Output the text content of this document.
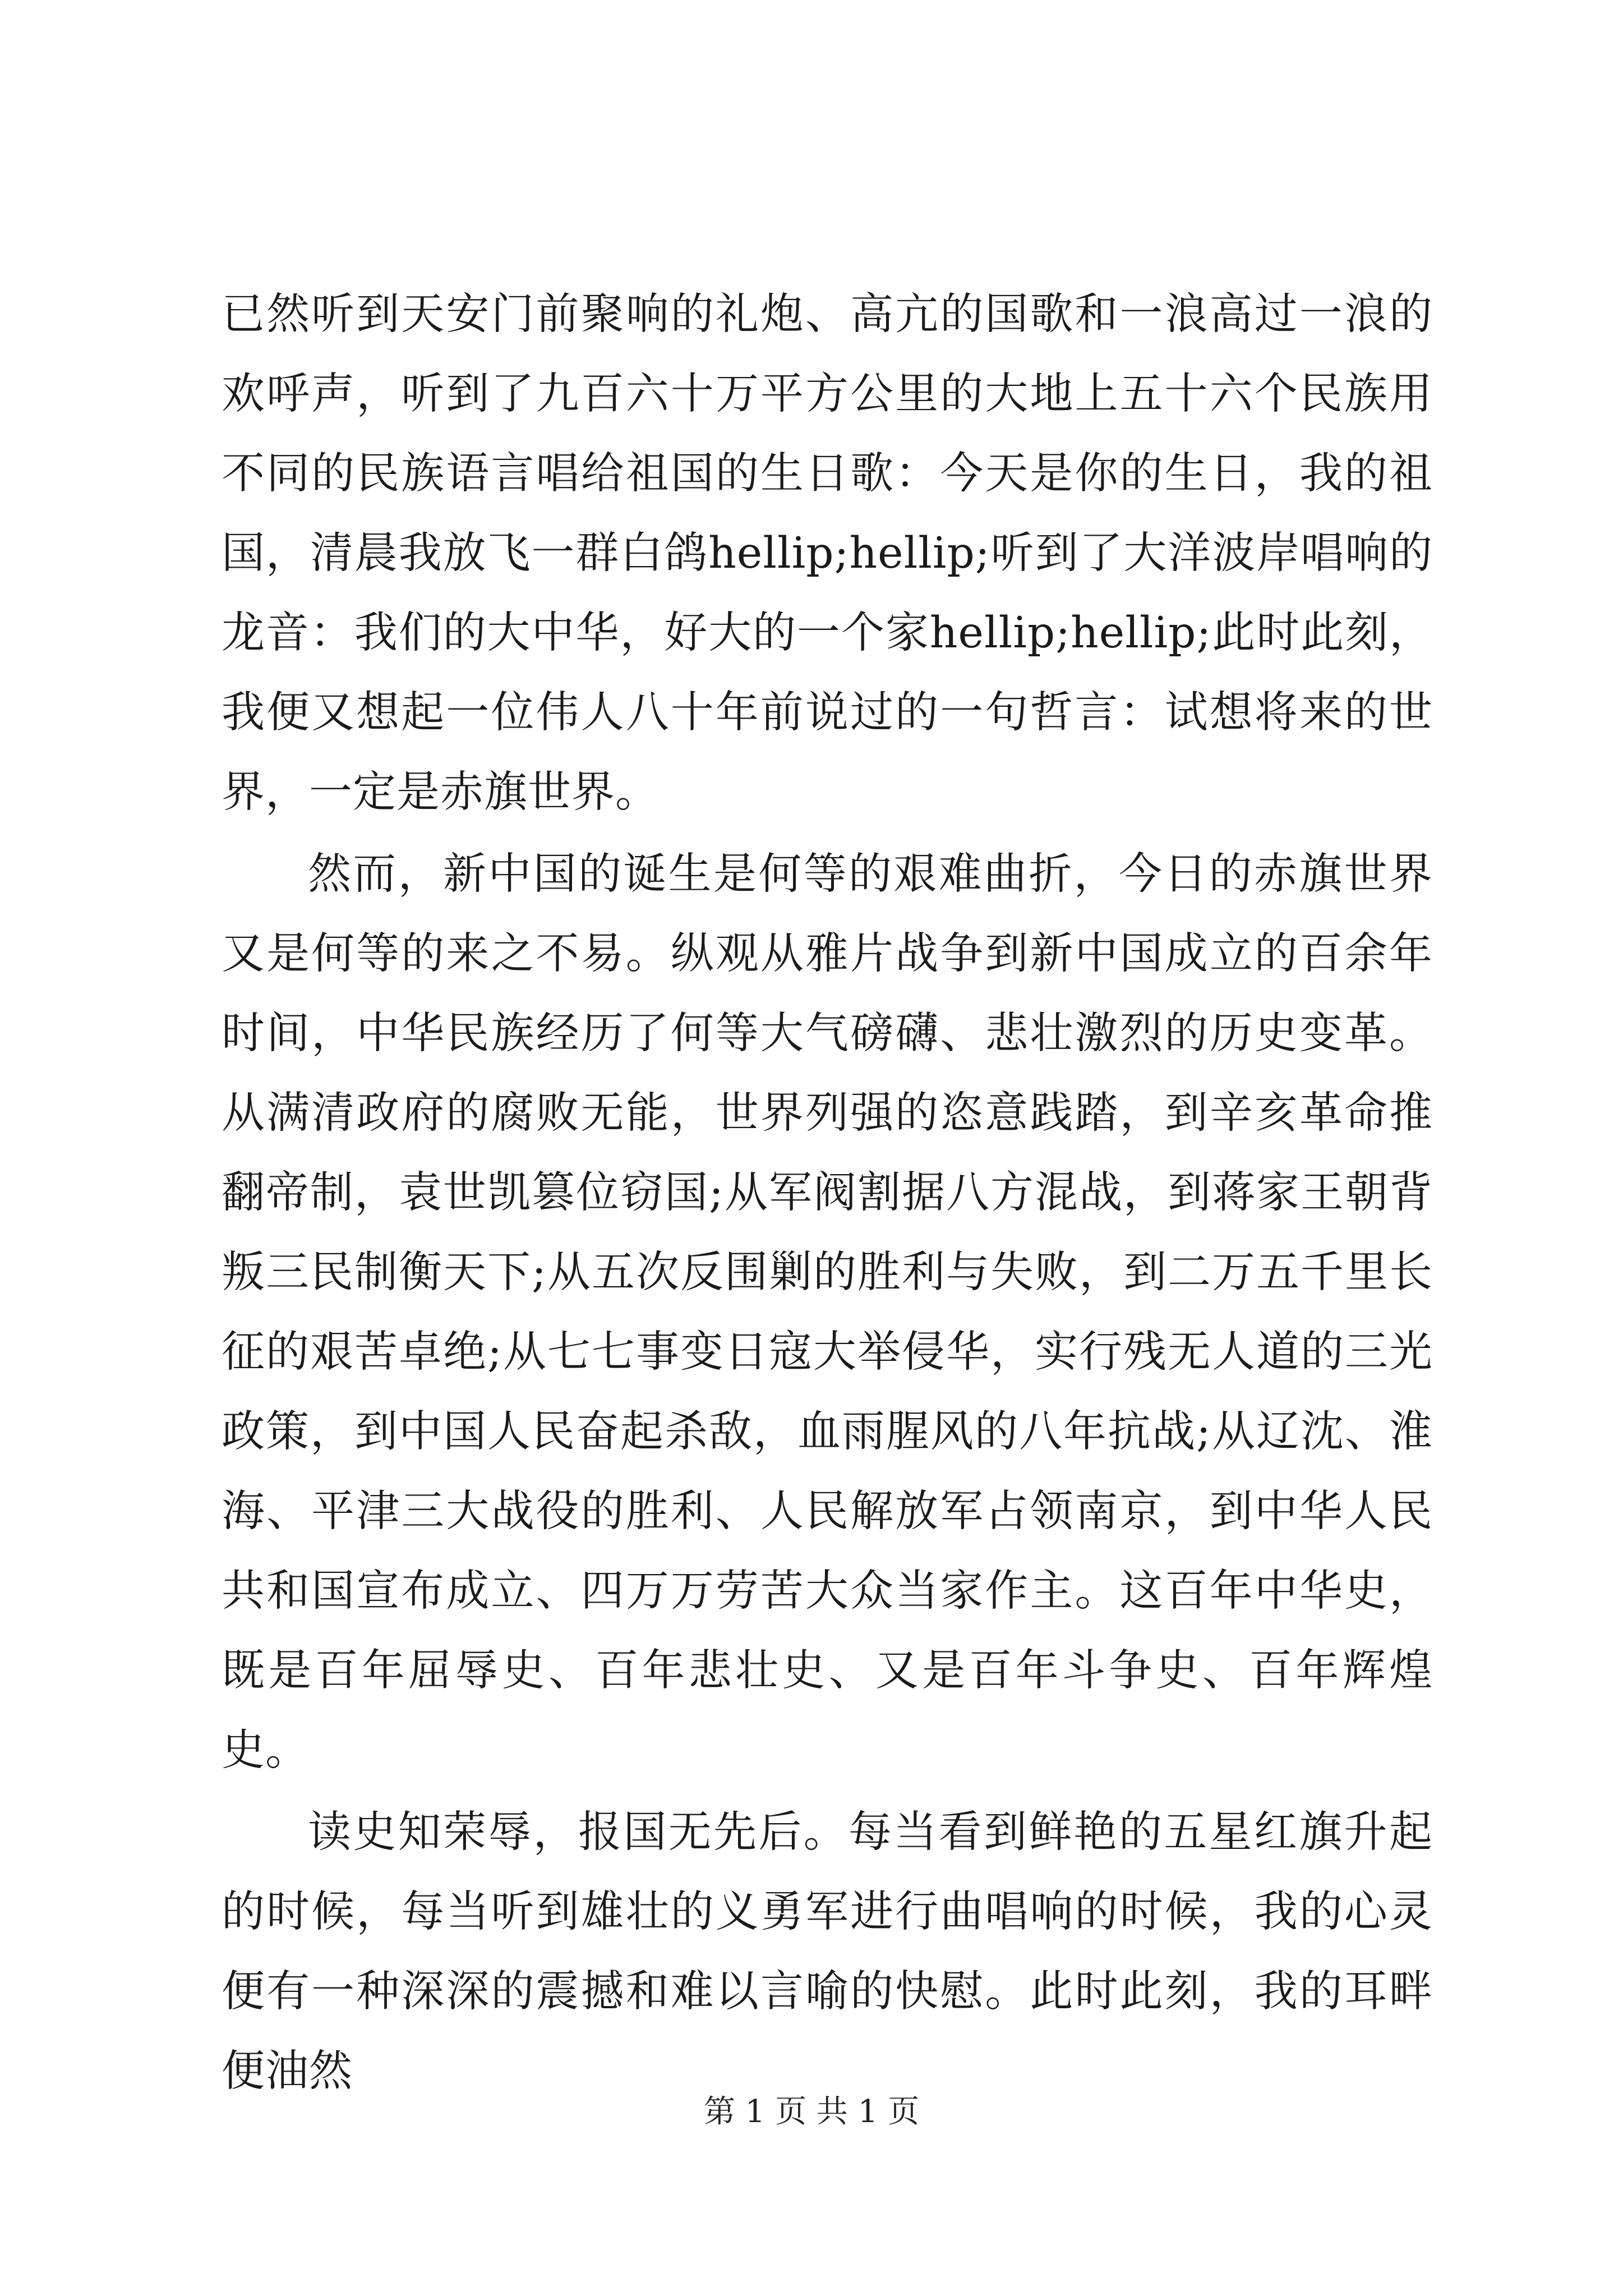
已然听到天安门前聚响的礼炮、高亢的国歌和一浪高过一浪的欢呼声，听到了九百六十万平方公里的大地上五十六个民族用不同的民族语言唱给祖国的生日歌：今天是你的生日，我的祖国，清晨我放飞一群白鸽hellip;hellip;听到了大洋波岸唱响的龙音：我们的大中华，好大的一个家hellip;hellip;此时此刻，我便又想起一位伟人八十年前说过的一句哲言：试想将来的世界，一定是赤旗世界。

然而，新中国的诞生是何等的艰难曲折，今日的赤旗世界又是何等的来之不易。纵观从雅片战争到新中国成立的百余年时间，中华民族经历了何等大气磅礴、悲壮激烈的历史变革。从满清政府的腐败无能，世界列强的恣意践踏，到辛亥革命推翻帝制，袁世凯篡位窃国;从军阀割据八方混战，到蒋家王朝背叛三民制衡天下;从五次反围剿的胜利与失败，到二万五千里长征的艰苦卓绝;从七七事变日寇大举侵华，实行残无人道的三光政策，到中国人民奋起杀敌，血雨腥风的八年抗战;从辽沈、淮海、平津三大战役的胜利、人民解放军占领南京，到中华人民共和国宣布成立、四万万劳苦大众当家作主。这百年中华史，既是百年屈辱史、百年悲壮史、又是百年斗争史、百年辉煌史。

读史知荣辱，报国无先后。每当看到鲜艳的五星红旗升起的时候，每当听到雄壮的义勇军进行曲唱响的时候，我的心灵便有一种深深的震撼和难以言喻的快慰。此时此刻，我的耳畔便油然

第 1 页 共 1 页
